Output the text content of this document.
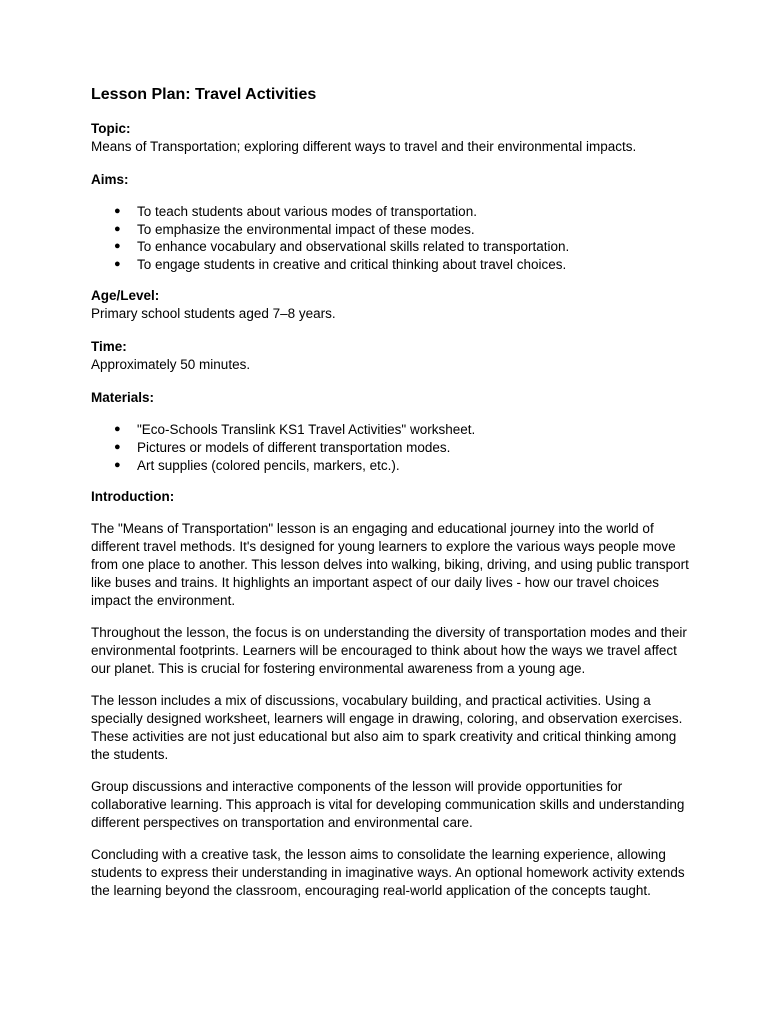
Lesson Plan: Travel Activities

Topic:

Means of Transportation; exploring different ways to travel and their environmental impacts.

Aims:

● To teach students about various modes of transportation.
● To emphasize the environmental impact of these modes.
● To enhance vocabulary and observational skills related to transportation.
● To engage students in creative and critical thinking about travel choices.

Age/Level:

Primary school students aged 7–8 years.

Time:

Approximately 50 minutes.

Materials:

● "Eco-Schools Translink KS1 Travel Activities" worksheet.
● Pictures or models of different transportation modes.
● Art supplies (colored pencils, markers, etc.).

Introduction:

The "Means of Transportation" lesson is an engaging and educational journey into the world of different travel methods. It's designed for young learners to explore the various ways people move from one place to another. This lesson delves into walking, biking, driving, and using public transport like buses and trains. It highlights an important aspect of our daily lives - how our travel choices impact the environment.

Throughout the lesson, the focus is on understanding the diversity of transportation modes and their environmental footprints. Learners will be encouraged to think about how the ways we travel affect our planet. This is crucial for fostering environmental awareness from a young age.

The lesson includes a mix of discussions, vocabulary building, and practical activities. Using a specially designed worksheet, learners will engage in drawing, coloring, and observation exercises. These activities are not just educational but also aim to spark creativity and critical thinking among the students.

Group discussions and interactive components of the lesson will provide opportunities for collaborative learning. This approach is vital for developing communication skills and understanding different perspectives on transportation and environmental care.

Concluding with a creative task, the lesson aims to consolidate the learning experience, allowing students to express their understanding in imaginative ways. An optional homework activity extends the learning beyond the classroom, encouraging real-world application of the concepts taught.
